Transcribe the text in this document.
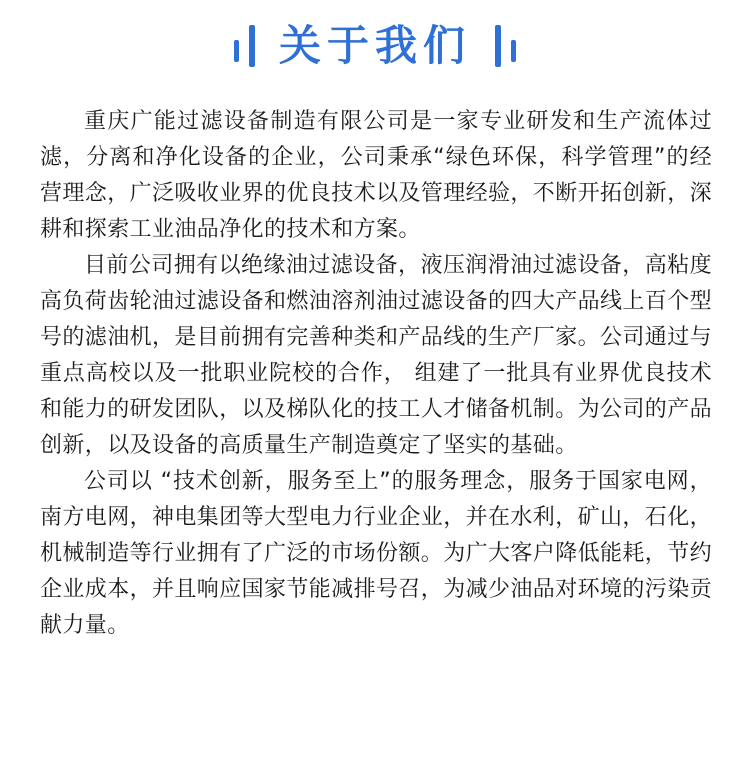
关于我们

重庆广能过滤设备制造有限公司是一家专业研发和生产流体过滤，分离和净化设备的企业，公司秉承“绿色环保，科学管理”的经营理念，广泛吸收业界的优良技术以及管理经验，不断开拓创新，深耕和探索工业油品净化的技术和方案。

目前公司拥有以绝缘油过滤设备，液压润滑油过滤设备，高粘度高负荷齿轮油过滤设备和燃油溶剂油过滤设备的四大产品线上百个型号的滤油机，是目前拥有完善种类和产品线的生产厂家。公司通过与重点高校以及一批职业院校的合作， 组建了一批具有业界优良技术和能力的研发团队，以及梯队化的技工人才储备机制。为公司的产品创新，以及设备的高质量生产制造奠定了坚实的基础。

公司以 “技术创新，服务至上”的服务理念，服务于国家电网，南方电网，神电集团等大型电力行业企业，并在水利，矿山，石化，机械制造等行业拥有了广泛的市场份额。为广大客户降低能耗，节约企业成本，并且响应国家节能减排号召，为减少油品对环境的污染贡献力量。
